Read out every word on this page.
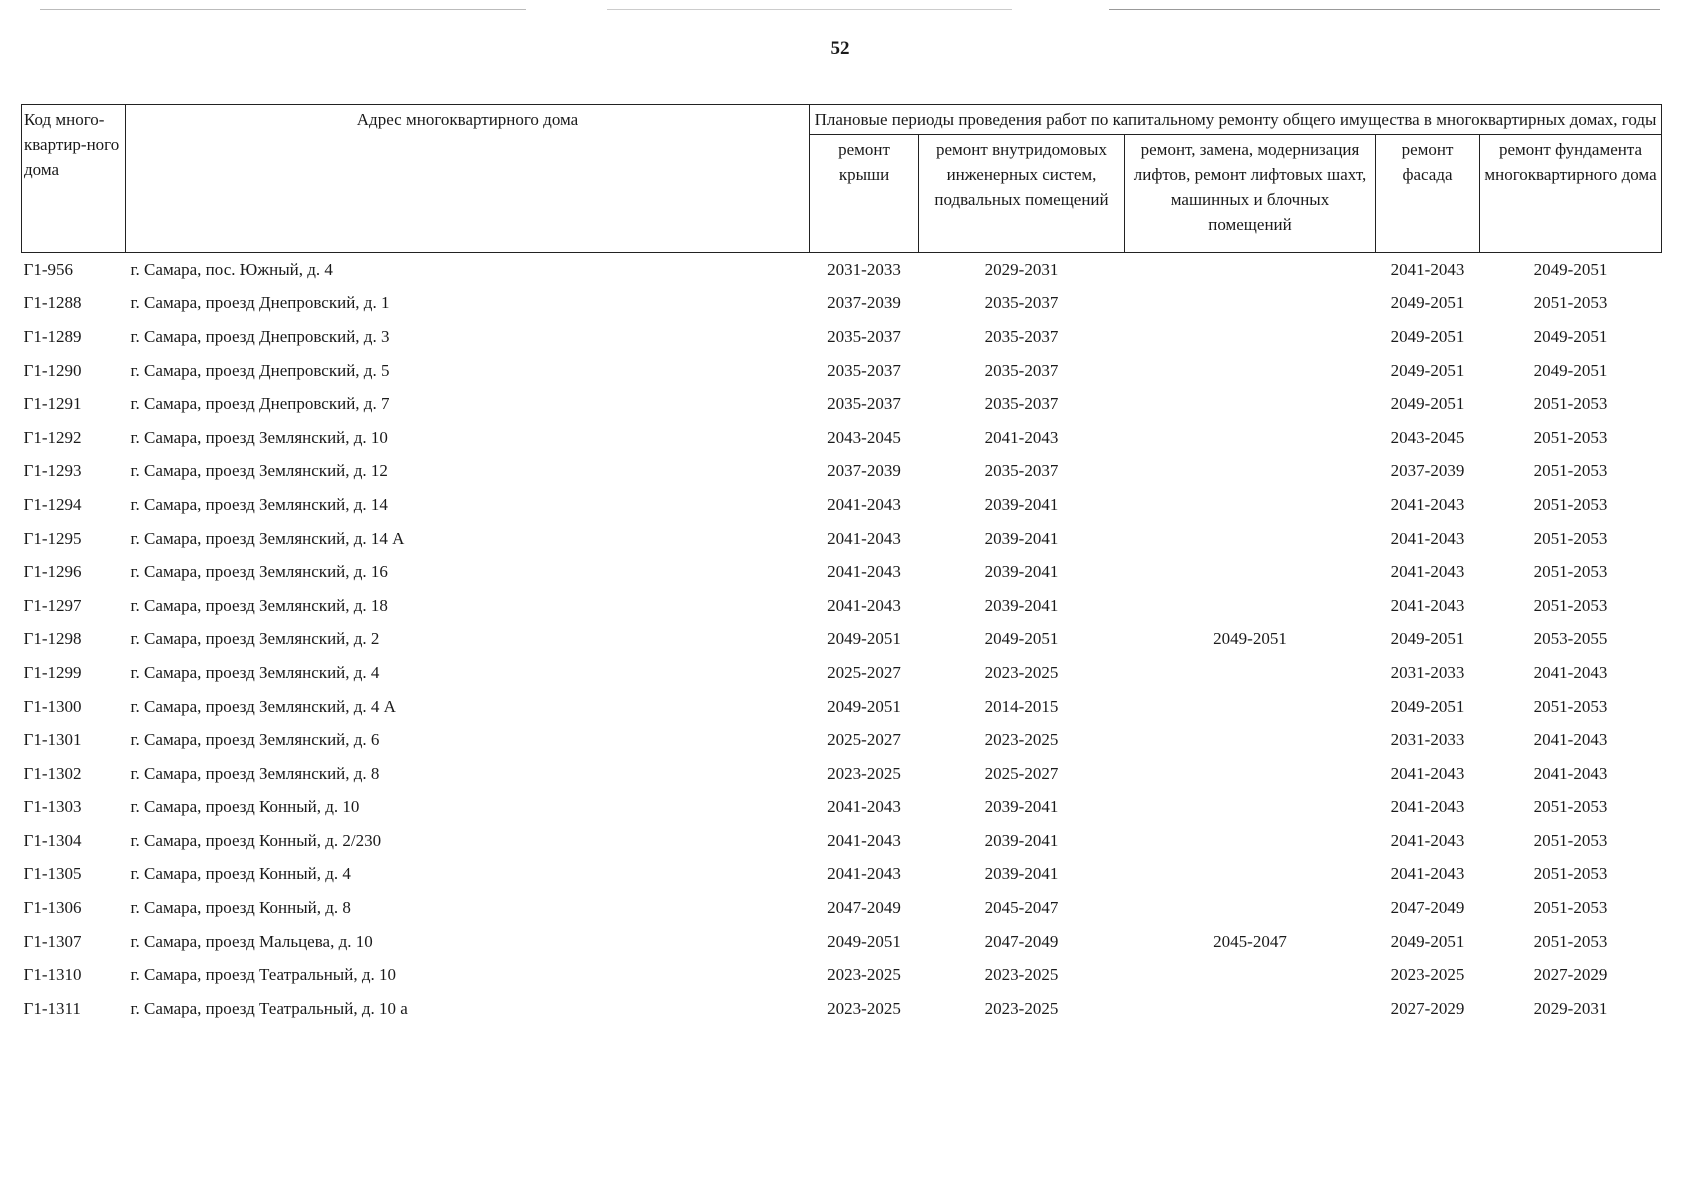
52
Код много-квартир-ного дома	Адрес многоквартирного дома	Плановые периоды проведения работ по капитальному ремонту общего имущества в многоквартирных домах, годы				
		ремонт крыши	ремонт внутридомовых инженерных систем, подвальных помещений	ремонт, замена, модернизация лифтов, ремонт лифтовых шахт, машинных и блочных помещений	ремонт фасада	ремонт фундамента многоквартирного дома
Г1-956	г. Самара, пос. Южный, д. 4	2031-2033	2029-2031		2041-2043	2049-2051
Г1-1288	г. Самара, проезд Днепровский, д. 1	2037-2039	2035-2037		2049-2051	2051-2053
Г1-1289	г. Самара, проезд Днепровский, д. 3	2035-2037	2035-2037		2049-2051	2049-2051
Г1-1290	г. Самара, проезд Днепровский, д. 5	2035-2037	2035-2037		2049-2051	2049-2051
Г1-1291	г. Самара, проезд Днепровский, д. 7	2035-2037	2035-2037		2049-2051	2051-2053
Г1-1292	г. Самара, проезд Землянский, д. 10	2043-2045	2041-2043		2043-2045	2051-2053
Г1-1293	г. Самара, проезд Землянский, д. 12	2037-2039	2035-2037		2037-2039	2051-2053
Г1-1294	г. Самара, проезд Землянский, д. 14	2041-2043	2039-2041		2041-2043	2051-2053
Г1-1295	г. Самара, проезд Землянский, д. 14 А	2041-2043	2039-2041		2041-2043	2051-2053
Г1-1296	г. Самара, проезд Землянский, д. 16	2041-2043	2039-2041		2041-2043	2051-2053
Г1-1297	г. Самара, проезд Землянский, д. 18	2041-2043	2039-2041		2041-2043	2051-2053
Г1-1298	г. Самара, проезд Землянский, д. 2	2049-2051	2049-2051	2049-2051	2049-2051	2053-2055
Г1-1299	г. Самара, проезд Землянский, д. 4	2025-2027	2023-2025		2031-2033	2041-2043
Г1-1300	г. Самара, проезд Землянский, д. 4 А	2049-2051	2014-2015		2049-2051	2051-2053
Г1-1301	г. Самара, проезд Землянский, д. 6	2025-2027	2023-2025		2031-2033	2041-2043
Г1-1302	г. Самара, проезд Землянский, д. 8	2023-2025	2025-2027		2041-2043	2041-2043
Г1-1303	г. Самара, проезд Конный, д. 10	2041-2043	2039-2041		2041-2043	2051-2053
Г1-1304	г. Самара, проезд Конный, д. 2/230	2041-2043	2039-2041		2041-2043	2051-2053
Г1-1305	г. Самара, проезд Конный, д. 4	2041-2043	2039-2041		2041-2043	2051-2053
Г1-1306	г. Самара, проезд Конный, д. 8	2047-2049	2045-2047		2047-2049	2051-2053
Г1-1307	г. Самара, проезд Мальцева, д. 10	2049-2051	2047-2049	2045-2047	2049-2051	2051-2053
Г1-1310	г. Самара, проезд Театральный, д. 10	2023-2025	2023-2025		2023-2025	2027-2029
Г1-1311	г. Самара, проезд Театральный, д. 10 а	2023-2025	2023-2025		2027-2029	2029-2031
